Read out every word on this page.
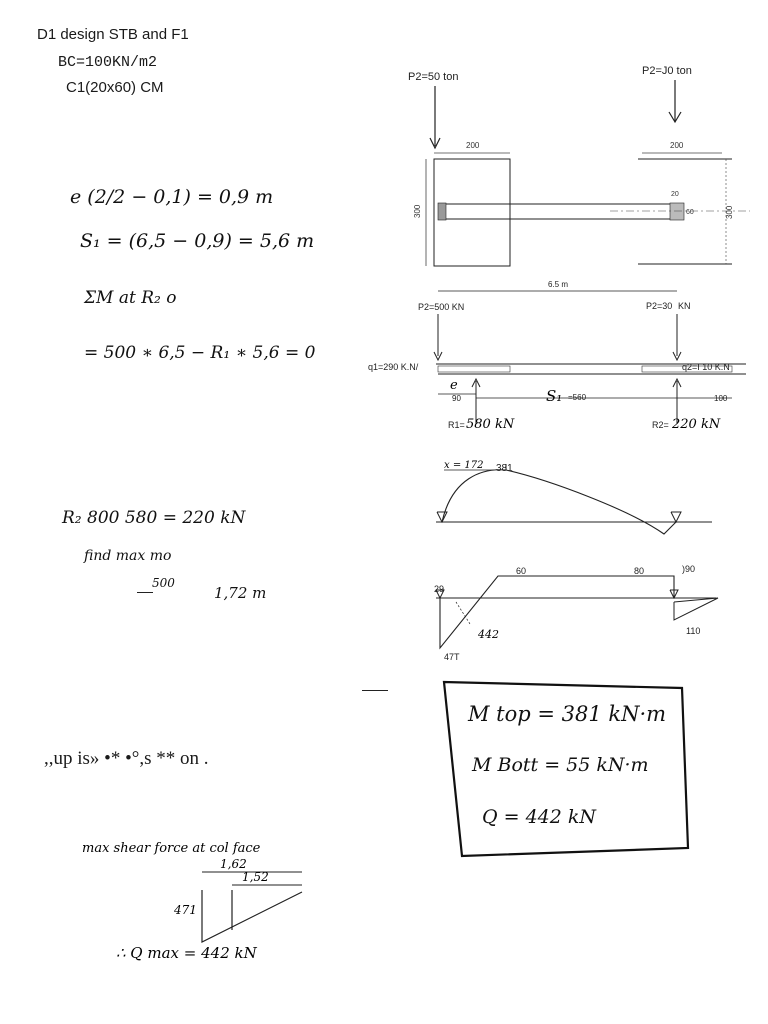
D1 design STB and F1
BC=100KN/m2
C1(20x60) CM
e (2/2 − 0,1) = 0,9 m
S₁ = (6,5 − 0,9) = 5,6 m
ΣM at R₂ o
= 500 ∗ 6,5 − R₁ ∗ 5,6 = 0
R₂ 800 580 = 220 kN
find max mo
500
1,72 m
,,up is» •* •°,s ** on .
max shear force at col face
1,62
1,52
471
∴ Q max = 442 kN
P2=50 ton	P2=J0 ton
200
300
200
300
20
60
6.5 m
P2=500 KN	P2=30 KN
q1=290 K.N/	q2=I 10 K.N
e
90	S₁ =560	100
R1= 580 kN	R2= 220 kN
x = 172 381
60	80	)90
29
442	110
47T
M top = 381 kN·m
M Bott = 55 kN·m
Q = 442 kN
